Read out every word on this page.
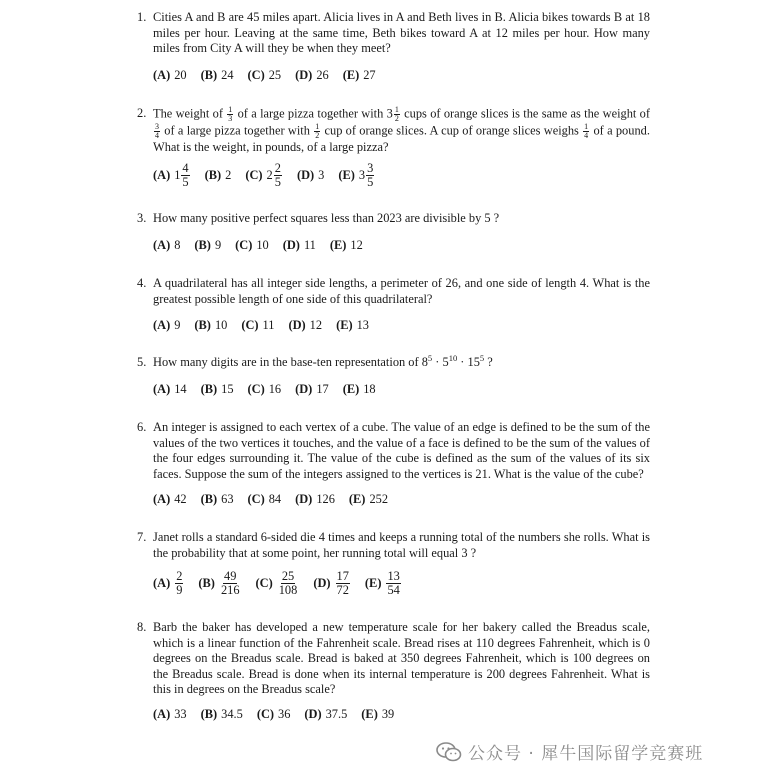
1. Cities A and B are 45 miles apart. Alicia lives in A and Beth lives in B. Alicia bikes towards B at 18 miles per hour. Leaving at the same time, Beth bikes toward A at 12 miles per hour. How many miles from City A will they be when they meet?
(A) 20 (B) 24 (C) 25 (D) 26 (E) 27
2. The weight of $\frac{1}{3}$ of a large pizza together with $3 \frac{1}{2}$ cups of orange slices is the same as the weight of
$\frac{3}{4}$ of a large pizza together with $\frac{1}{2}$ cup of orange slices. A cup of orange slices weighs $\frac{1}{4}$ of a pound. What is the weight, in pounds, of a large pizza?
(A) $1 \frac{4}{5} (B)$ 2 (C) $2 \frac{2}{5} (D)$ 3 (E) $3 \frac{3}{5}$
3. How many positive perfect squares less than 2023 are divisible by 5 ?
(A) 8 (B) 9 (C) 10 (D) 11 (E) 12
4. A quadrilateral has all integer side lengths, a perimeter of 26, and one side of length 4. What is the greatest possible length of one side of this quadrilateral?
(A) 9 (B) 10 (C) 11 (D) 12 (E) 13
5. How many digits are in the base-ten representation of $8^5 \cdot 5^{10} \cdot 15^5$ ?
(A) 14 (B) 15 (C) 16 (D) 17 (E) 18
6. An integer is assigned to each vertex of a cube. The value of an edge is defined to be the sum of the values of the two vertices it touches, and the value of a face is defined to be the sum of the values of the four edges surrounding it. The value of the cube is defined as the sum of the values of its six faces. Suppose the sum of the integers assigned to the vertices is 21. What is the value of the cube?
(A) 42 (B) 63 (C) 84 (D) 126 (E) 252
7. Janet rolls a standard 6-sided die 4 times and keeps a running total of the numbers she rolls. What is the probability that at some point, her running total will equal 3 ?
$(A) \frac{2}{9} (B) \frac{49}{216} (C) \frac{25}{108} (D) \frac{17}{72} (E) \frac{13}{54}$
8. Barb the baker has developed a new temperature scale for her bakery called the Breadus scale, which is a linear function of the Fahrenheit scale. Bread rises at 110 degrees Fahrenheit, which is 0 degrees on the Breadus scale. Bread is baked at 350 degrees Fahrenheit, which is 100 degrees on the Breadus scale. Bread is done when its internal temperature is 200 degrees Fahrenheit. What is this in degrees on the Breadus scale?
(A) 33 (B) 34.5 (C) 36 (D) 37.5 (E) 39
公众号 · 犀牛国际留学竞赛班
